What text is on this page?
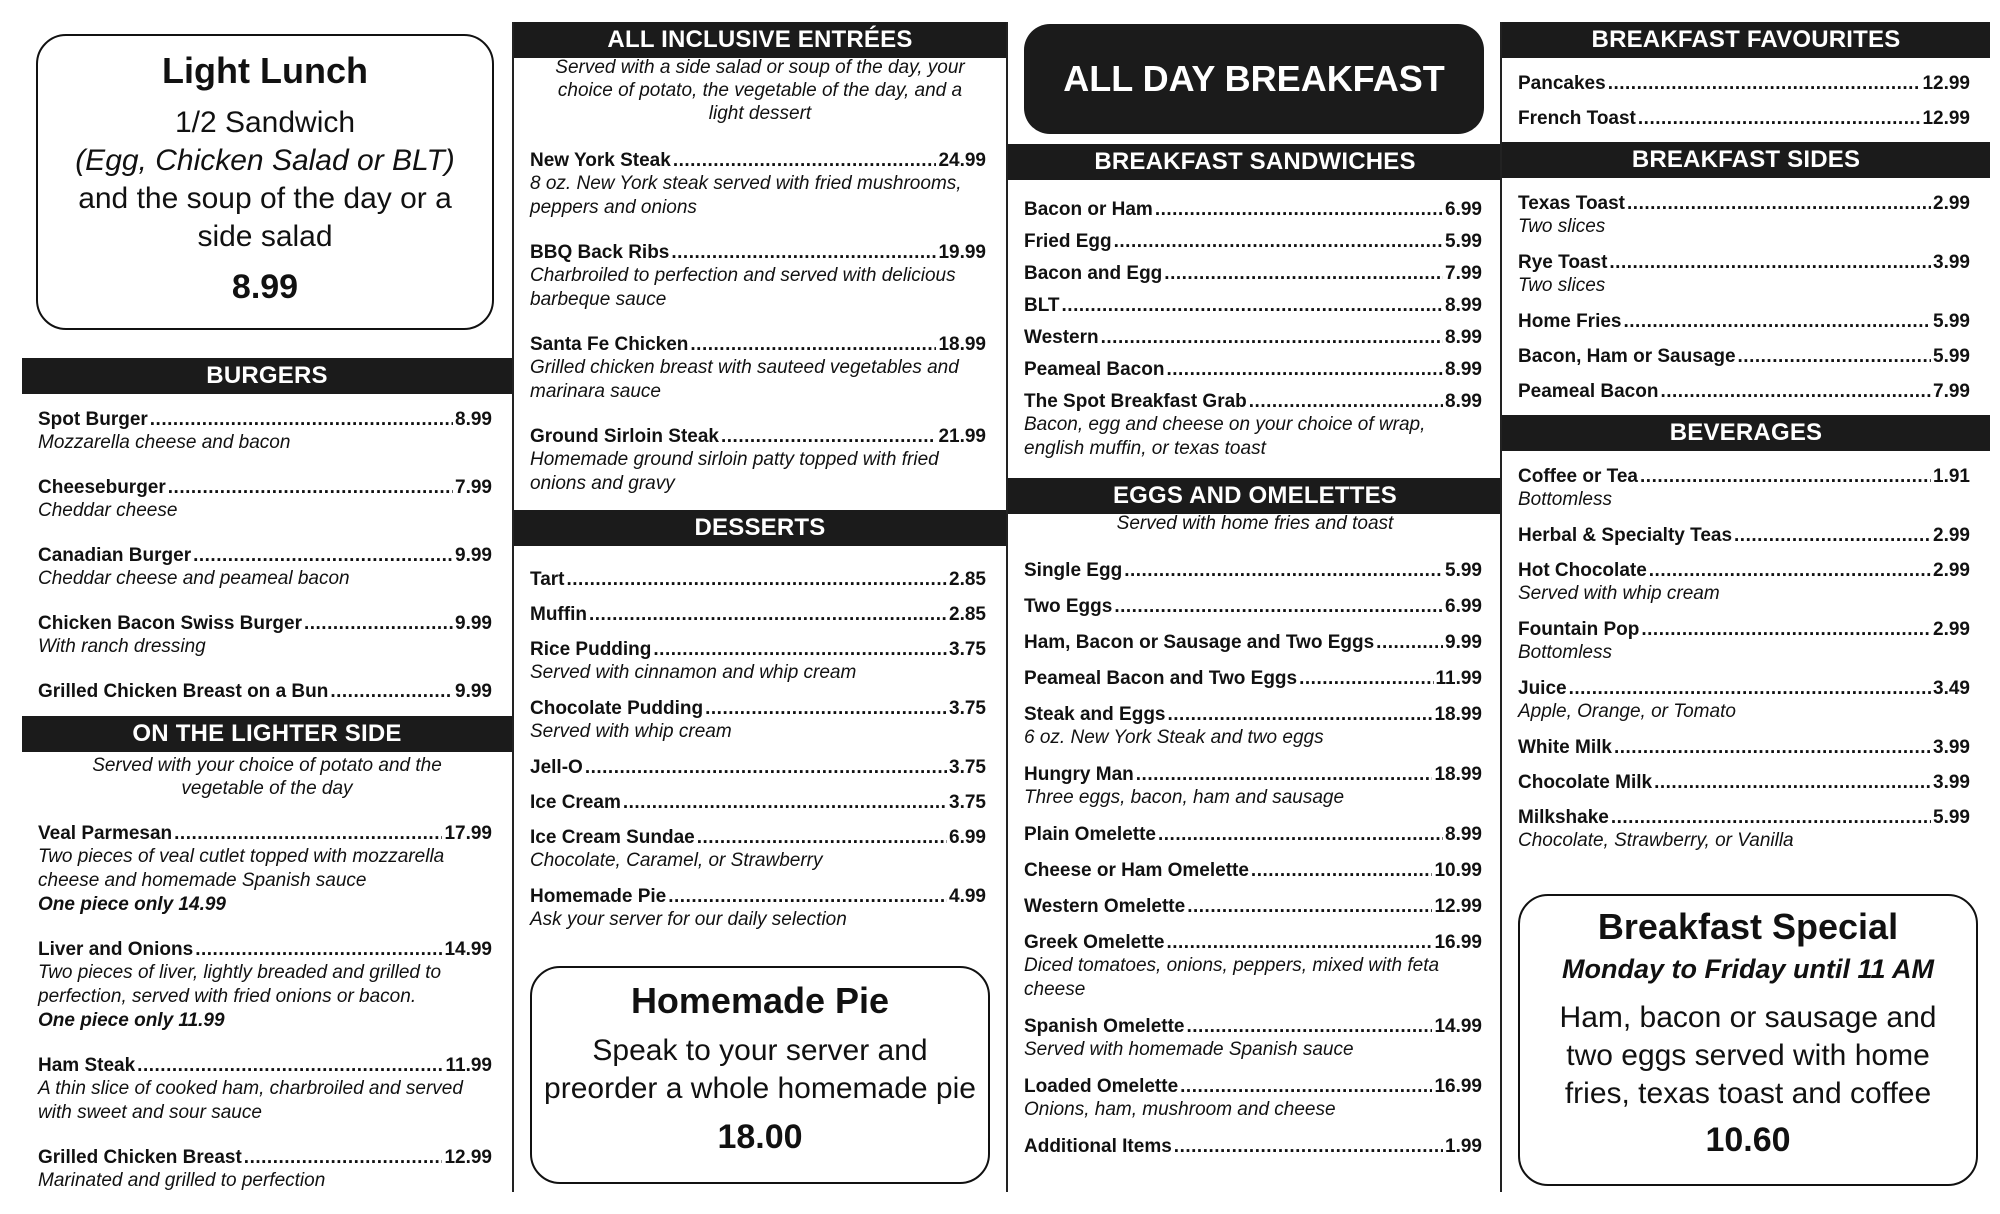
Light Lunch
1/2 Sandwich
(Egg, Chicken Salad or BLT)
and the soup of the day or a
side salad
8.99
BURGERS
Spot Burger .....	8.99
Mozzarella cheese and bacon
Cheeseburger .....	7.99
Cheddar cheese
Canadian Burger .....	9.99
Cheddar cheese and peameal bacon
Chicken Bacon Swiss Burger .....	9.99
With ranch dressing
Grilled Chicken Breast on a Bun .....	9.99
ON THE LIGHTER SIDE
Served with your choice of potato and the
vegetable of the day
Veal Parmesan .....	17.99
Two pieces of veal cutlet topped with mozzarella
cheese and homemade Spanish sauce
One piece only 14.99
Liver and Onions .....	14.99
Two pieces of liver, lightly breaded and grilled to
perfection, served with fried onions or bacon.
One piece only 11.99
Ham Steak .....	11.99
A thin slice of cooked ham, charbroiled and served
with sweet and sour sauce
Grilled Chicken Breast .....	12.99
Marinated and grilled to perfection
ALL INCLUSIVE ENTRÉES
Served with a side salad or soup of the day, your
choice of potato, the vegetable of the day, and a
light dessert
New York Steak .....	24.99
8 oz. New York steak served with fried mushrooms,
peppers and onions
BBQ Back Ribs .....	19.99
Charbroiled to perfection and served with delicious
barbeque sauce
Santa Fe Chicken .....	18.99
Grilled chicken breast with sauteed vegetables and
marinara sauce
Ground Sirloin Steak .....	21.99
Homemade ground sirloin patty topped with fried
onions and gravy
DESSERTS
Tart .....	2.85
Muffin .....	2.85
Rice Pudding .....	3.75
Served with cinnamon and whip cream
Chocolate Pudding .....	3.75
Served with whip cream
Jell-O .....	3.75
Ice Cream .....	3.75
Ice Cream Sundae .....	6.99
Chocolate, Caramel, or Strawberry
Homemade Pie .....	4.99
Ask your server for our daily selection
Homemade Pie
Speak to your server and
preorder a whole homemade pie
18.00
ALL DAY BREAKFAST
BREAKFAST SANDWICHES
Bacon or Ham .....	6.99
Fried Egg .....	5.99
Bacon and Egg .....	7.99
BLT .....	8.99
Western .....	8.99
Peameal Bacon .....	8.99
The Spot Breakfast Grab .....	8.99
Bacon, egg and cheese on your choice of wrap,
english muffin, or texas toast
EGGS AND OMELETTES
Served with home fries and toast
Single Egg .....	5.99
Two Eggs .....	6.99
Ham, Bacon or Sausage and Two Eggs .....	9.99
Peameal Bacon and Two Eggs .....	11.99
Steak and Eggs .....	18.99
6 oz. New York Steak and two eggs
Hungry Man .....	18.99
Three eggs, bacon, ham and sausage
Plain Omelette .....	8.99
Cheese or Ham Omelette .....	10.99
Western Omelette .....	12.99
Greek Omelette .....	16.99
Diced tomatoes, onions, peppers, mixed with feta
cheese
Spanish Omelette .....	14.99
Served with homemade Spanish sauce
Loaded Omelette .....	16.99
Onions, ham, mushroom and cheese
Additional Items .....	1.99
BREAKFAST FAVOURITES
Pancakes .....	12.99
French Toast .....	12.99
BREAKFAST SIDES
Texas Toast .....	2.99
Two slices
Rye Toast .....	3.99
Two slices
Home Fries .....	5.99
Bacon, Ham or Sausage .....	5.99
Peameal Bacon .....	7.99
BEVERAGES
Coffee or Tea .....	1.91
Bottomless
Herbal & Specialty Teas .....	2.99
Hot Chocolate .....	2.99
Served with whip cream
Fountain Pop .....	2.99
Bottomless
Juice .....	3.49
Apple, Orange, or Tomato
White Milk .....	3.99
Chocolate Milk .....	3.99
Milkshake .....	5.99
Chocolate, Strawberry, or Vanilla
Breakfast Special
Monday to Friday until 11 AM
Ham, bacon or sausage and
two eggs served with home
fries, texas toast and coffee
10.60
